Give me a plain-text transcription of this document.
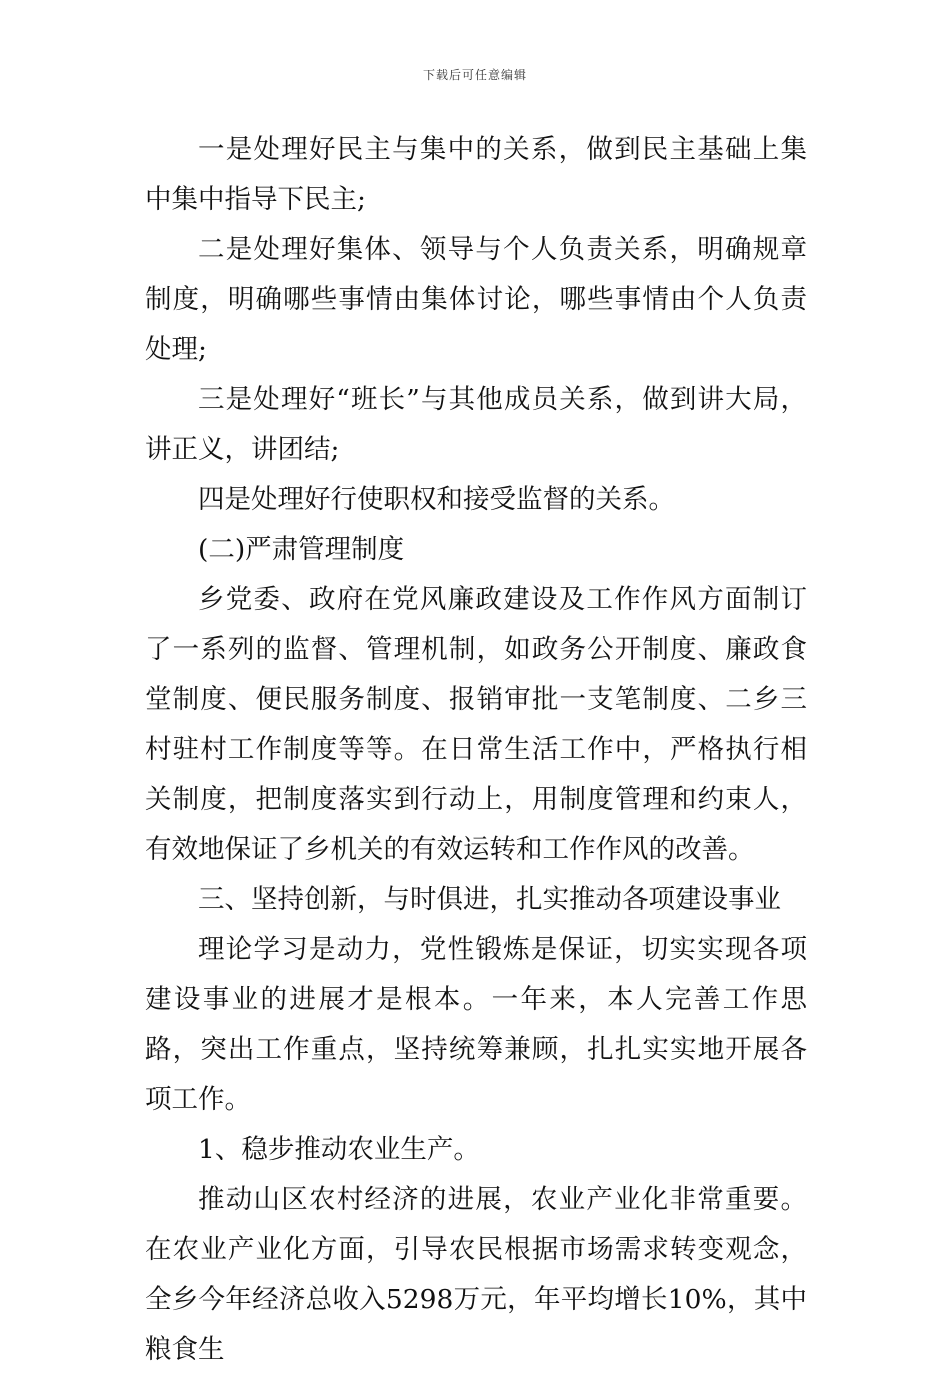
下载后可任意编辑

一是处理好民主与集中的关系，做到民主基础上集中集中指导下民主;

二是处理好集体、领导与个人负责关系，明确规章制度，明确哪些事情由集体讨论，哪些事情由个人负责处理;

三是处理好“班长”与其他成员关系，做到讲大局，讲正义，讲团结;

四是处理好行使职权和接受监督的关系。

(二)严肃管理制度

乡党委、政府在党风廉政建设及工作作风方面制订了一系列的监督、管理机制，如政务公开制度、廉政食堂制度、便民服务制度、报销审批一支笔制度、二乡三村驻村工作制度等等。在日常生活工作中，严格执行相关制度，把制度落实到行动上，用制度管理和约束人，有效地保证了乡机关的有效运转和工作作风的改善。

三、坚持创新，与时俱进，扎实推动各项建设事业

理论学习是动力，党性锻炼是保证，切实实现各项建设事业的进展才是根本。一年来，本人完善工作思路，突出工作重点，坚持统筹兼顾，扎扎实实地开展各项工作。

1、稳步推动农业生产。

推动山区农村经济的进展，农业产业化非常重要。在农业产业化方面，引导农民根据市场需求转变观念，全乡今年经济总收入5298万元，年平均增长10%，其中粮食生
